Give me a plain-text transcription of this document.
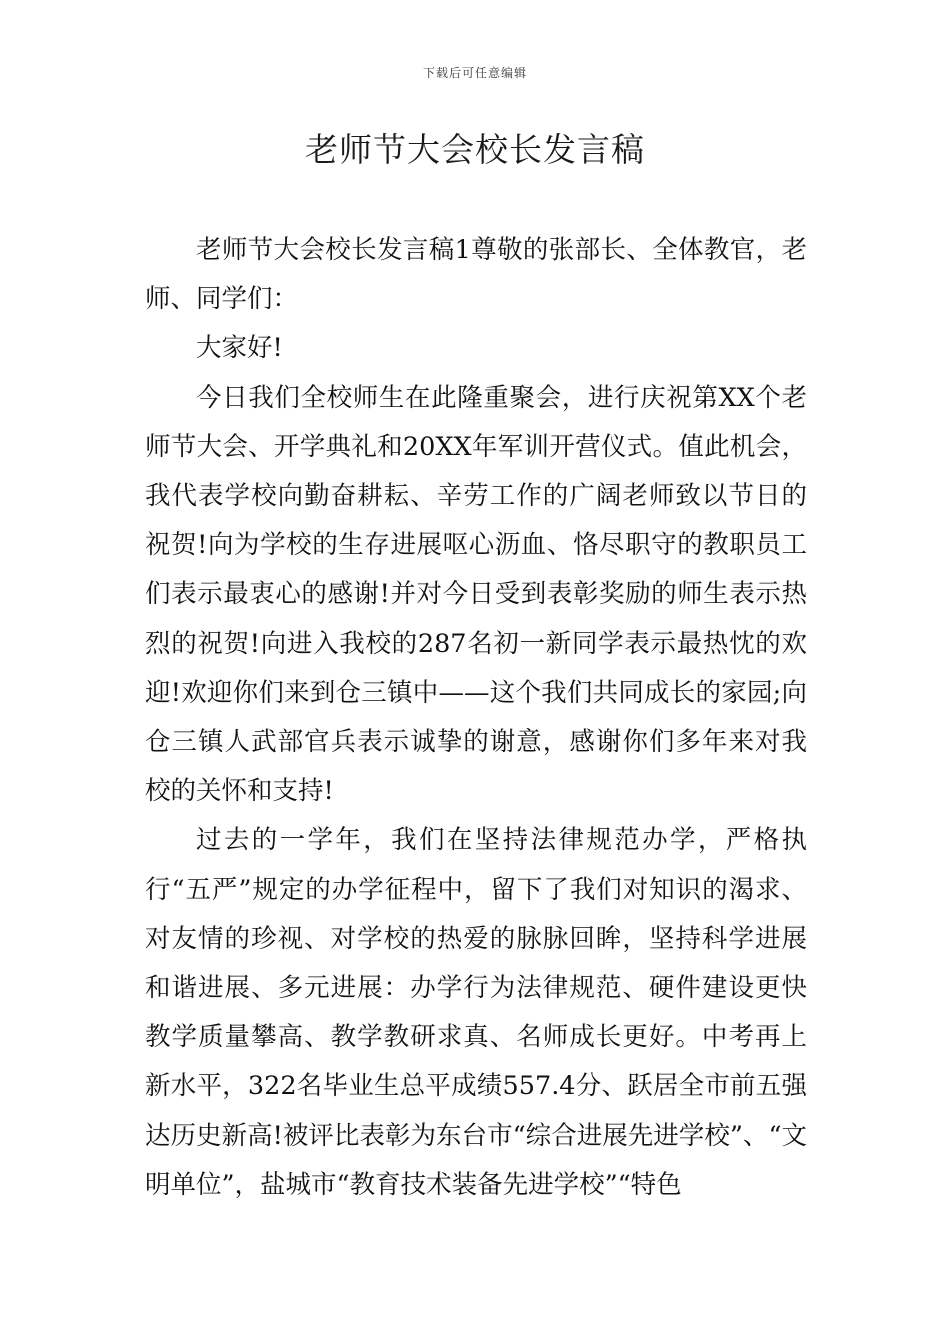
下载后可任意编辑
老师节大会校长发言稿

老师节大会校长发言稿1尊敬的张部长、全体教官，老师、同学们：

大家好!

今日我们全校师生在此隆重聚会，进行庆祝第XX个老师节大会、开学典礼和20XX年军训开营仪式。值此机会，我代表学校向勤奋耕耘、辛劳工作的广阔老师致以节日的祝贺!向为学校的生存进展呕心沥血、恪尽职守的教职员工们表示最衷心的感谢!并对今日受到表彰奖励的师生表示热烈的祝贺!向进入我校的287名初一新同学表示最热忱的欢迎!欢迎你们来到仓三镇中——这个我们共同成长的家园;向仓三镇人武部官兵表示诚挚的谢意，感谢你们多年来对我校的关怀和支持!

过去的一学年，我们在坚持法律规范办学，严格执行“五严”规定的办学征程中，留下了我们对知识的渴求、对友情的珍视、对学校的热爱的脉脉回眸，坚持科学进展和谐进展、多元进展：办学行为法律规范、硬件建设更快教学质量攀高、教学教研求真、名师成长更好。中考再上新水平，322名毕业生总平成绩557.4分、跃居全市前五强达历史新高!被评比表彰为东台市“综合进展先进学校”、“文明单位”，盐城市“教育技术装备先进学校”“特色
